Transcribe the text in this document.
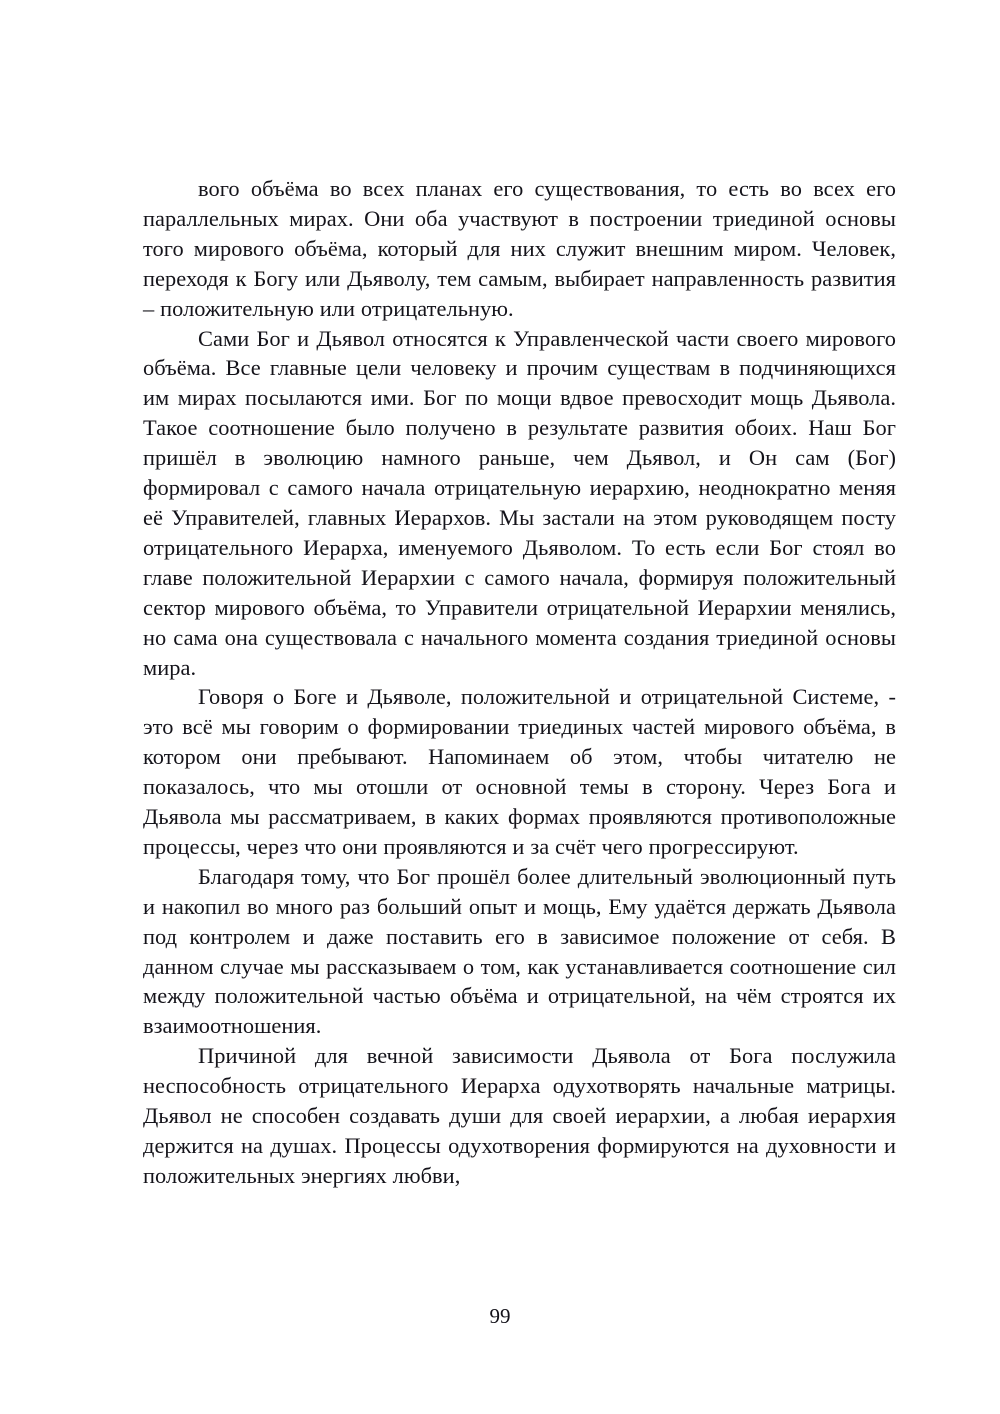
вого объёма во всех планах его существования, то есть во всех его параллельных мирах. Они оба участвуют в построении триединой основы того мирового объёма, который для них служит внешним миром. Человек, переходя к Богу или Дьяволу, тем самым, выбирает направленность развития – положительную или отрицательную.

Сами Бог и Дьявол относятся к Управленческой части своего мирового объёма. Все главные цели человеку и прочим существам в подчиняющихся им мирах посылаются ими. Бог по мощи вдвое превосходит мощь Дьявола. Такое соотношение было получено в результате развития обоих. Наш Бог пришёл в эволюцию намного раньше, чем Дьявол, и Он сам (Бог) формировал с самого начала отрицательную иерархию, неоднократно меняя её Управителей, главных Иерархов. Мы застали на этом руководящем посту отрицательного Иерарха, именуемого Дьяволом. То есть если Бог стоял во главе положительной Иерархии с самого начала, формируя положительный сектор мирового объёма, то Управители отрицательной Иерархии менялись, но сама она существовала с начального момента создания триединой основы мира.

Говоря о Боге и Дьяволе, положительной и отрицательной Системе, - это всё мы говорим о формировании триединых частей мирового объёма, в котором они пребывают. Напоминаем об этом, чтобы читателю не показалось, что мы отошли от основной темы в сторону. Через Бога и Дьявола мы рассматриваем, в каких формах проявляются противоположные процессы, через что они проявляются и за счёт чего прогрессируют.

Благодаря тому, что Бог прошёл более длительный эволюционный путь и накопил во много раз больший опыт и мощь, Ему удаётся держать Дьявола под контролем и даже поставить его в зависимое положение от себя. В данном случае мы рассказываем о том, как устанавливается соотношение сил между положительной частью объёма и отрицательной, на чём строятся их взаимоотношения.

Причиной для вечной зависимости Дьявола от Бога послужила неспособность отрицательного Иерарха одухотворять начальные матрицы. Дьявол не способен создавать души для своей иерархии, а любая иерархия держится на душах. Процессы одухотворения формируются на духовности и положительных энергиях любви,

99
